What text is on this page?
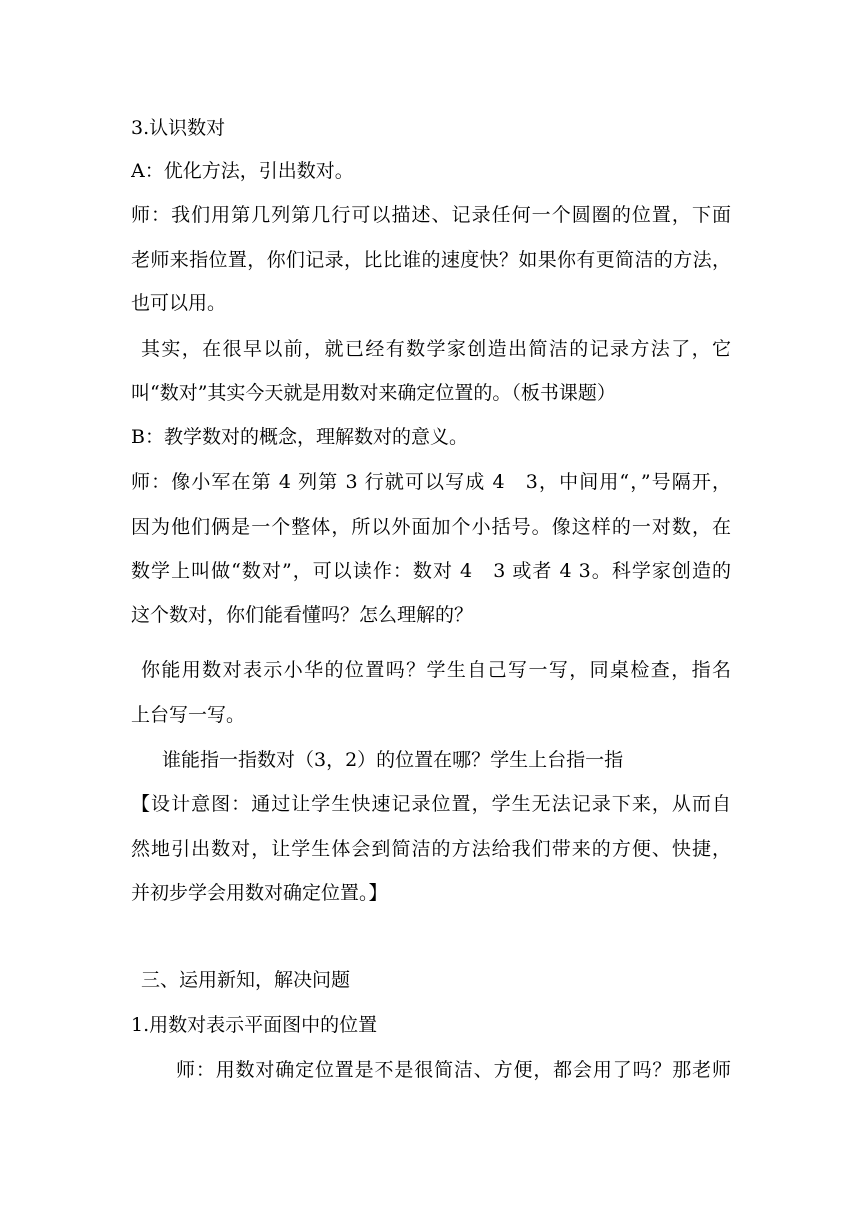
3.认识数对
A：优化方法，引出数对。
师：我们用第几列第几行可以描述、记录任何一个圆圈的位置，下面
老师来指位置，你们记录，比比谁的速度快？如果你有更简洁的方法，
也可以用。
其实，在很早以前，就已经有数学家创造出简洁的记录方法了，它
叫“数对”其实今天就是用数对来确定位置的。（板书课题）
B：教学数对的概念，理解数对的意义。
师：像小军在第 4 列第 3 行就可以写成 4　3，中间用“，”号隔开，
因为他们俩是一个整体，所以外面加个小括号。像这样的一对数，在
数学上叫做“数对”，可以读作：数对 4　3 或者 4 3。科学家创造的
这个数对，你们能看懂吗？怎么理解的？
你能用数对表示小华的位置吗？学生自己写一写，同桌检查，指名
上台写一写。
谁能指一指数对（3，2）的位置在哪？学生上台指一指
【设计意图：通过让学生快速记录位置，学生无法记录下来，从而自
然地引出数对，让学生体会到简洁的方法给我们带来的方便、快捷，
并初步学会用数对确定位置。】
三、运用新知，解决问题
1.用数对表示平面图中的位置
师：用数对确定位置是不是很简洁、方便，都会用了吗？那老师
